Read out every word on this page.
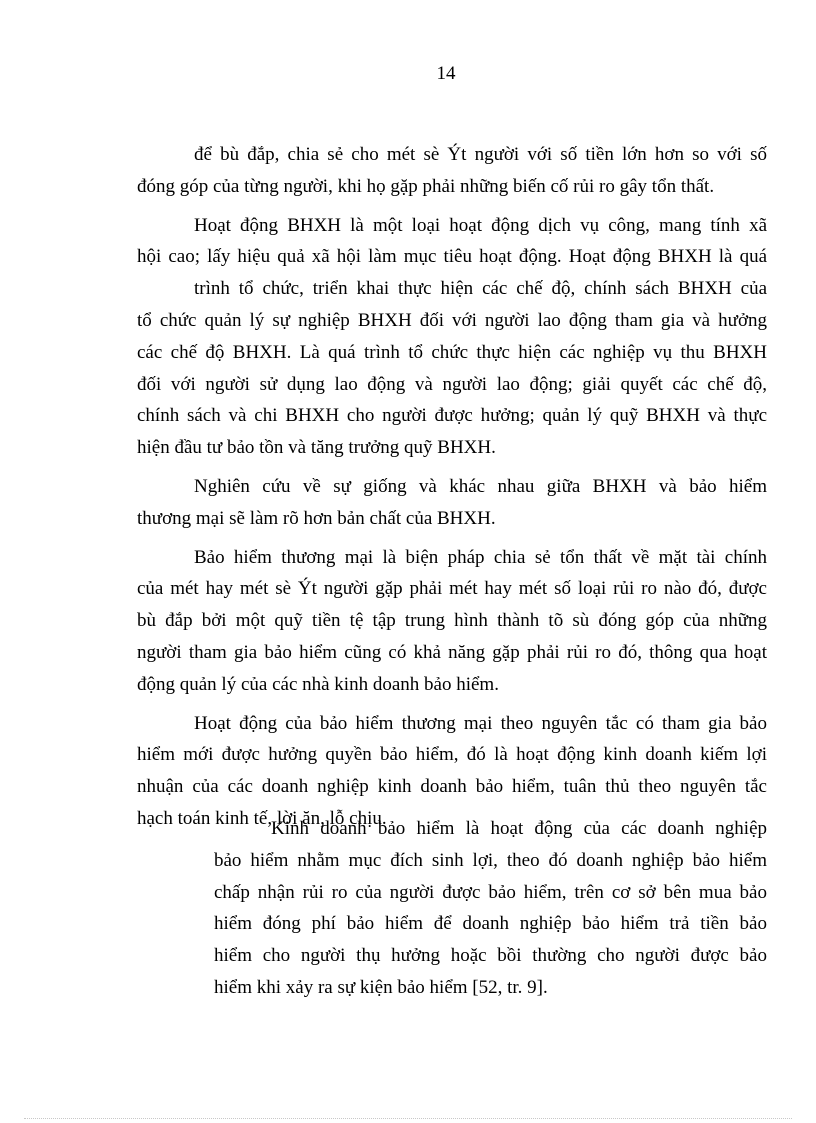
14
để bù đắp, chia sẻ cho mét sè Ýt người với số tiền lớn hơn so với số
đóng góp của từng người, khi họ gặp phải những biến cố rủi ro gây tổn thất.
Hoạt động BHXH là một loại hoạt động dịch vụ công, mang tính xã
hội cao; lấy hiệu quả xã hội làm mục tiêu hoạt động. Hoạt động BHXH là quá
trình tổ chức, triển khai thực hiện các chế độ, chính sách BHXH của
tổ chức quản lý sự nghiệp BHXH đối với người lao động tham gia và hưởng
các chế độ BHXH. Là quá trình tổ chức thực hiện các nghiệp vụ thu BHXH
đối với người sử dụng lao động và người lao động; giải quyết các chế độ,
chính sách và chi BHXH cho người được hưởng; quản lý quỹ BHXH và thực
hiện đầu tư bảo tồn và tăng trưởng quỹ BHXH.
Nghiên cứu về sự giống và khác nhau giữa BHXH và bảo hiểm
thương mại sẽ làm rõ hơn bản chất của BHXH.
Bảo hiểm thương mại là biện pháp chia sẻ tổn thất về mặt tài chính
của mét hay mét sè Ýt người gặp phải mét hay mét số loại rủi ro nào đó, được
bù đắp bởi một quỹ tiền tệ tập trung hình thành tõ sù đóng góp của những
người tham gia bảo hiểm cũng có khả năng gặp phải rủi ro đó, thông qua hoạt
động quản lý của các nhà kinh doanh bảo hiểm.
Hoạt động của bảo hiểm thương mại theo nguyên tắc có tham gia bảo
hiểm mới được hưởng quyền bảo hiểm, đó là hoạt động kinh doanh kiếm lợi
nhuận của các doanh nghiệp kinh doanh bảo hiểm, tuân thủ theo nguyên tắc
hạch toán kinh tế, lời ăn, lỗ chịu.
Kinh doanh bảo hiểm là hoạt động của các doanh nghiệp
bảo hiểm nhằm mục đích sinh lợi, theo đó doanh nghiệp bảo hiểm
chấp nhận rủi ro của người được bảo hiểm, trên cơ sở bên mua bảo
hiểm đóng phí bảo hiểm để doanh nghiệp bảo hiểm trả tiền bảo
hiểm cho người thụ hưởng hoặc bồi thường cho người được bảo
hiểm khi xảy ra sự kiện bảo hiểm [52, tr. 9].
